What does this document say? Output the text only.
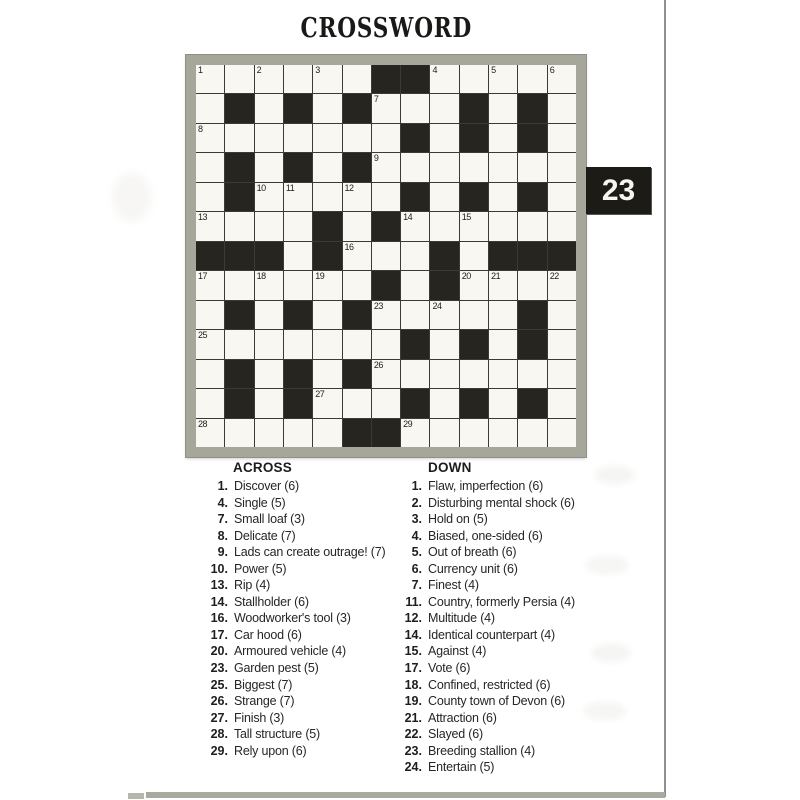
CROSSWORD
1	2	3	4	5	6
7
8
9
10 11	12
13	14	15
16
17	18	19	20 21	22
23	24
25
26
27
28	29
23
ACROSS
1. Discover (6)
4. Single (5)
7. Small loaf (3)
8. Delicate (7)
9. Lads can create outrage! (7)
10. Power (5)
13. Rip (4)
14. Stallholder (6)
16. Woodworker's tool (3)
17. Car hood (6)
20. Armoured vehicle (4)
23. Garden pest (5)
25. Biggest (7)
26. Strange (7)
27. Finish (3)
28. Tall structure (5)
29. Rely upon (6)
DOWN
1. Flaw, imperfection (6)
2. Disturbing mental shock (6)
3. Hold on (5)
4. Biased, one-sided (6)
5. Out of breath (6)
6. Currency unit (6)
7. Finest (4)
11. Country, formerly Persia (4)
12. Multitude (4)
14. Identical counterpart (4)
15. Against (4)
17. Vote (6)
18. Confined, restricted (6)
19. County town of Devon (6)
21. Attraction (6)
22. Slayed (6)
23. Breeding stallion (4)
24. Entertain (5)
